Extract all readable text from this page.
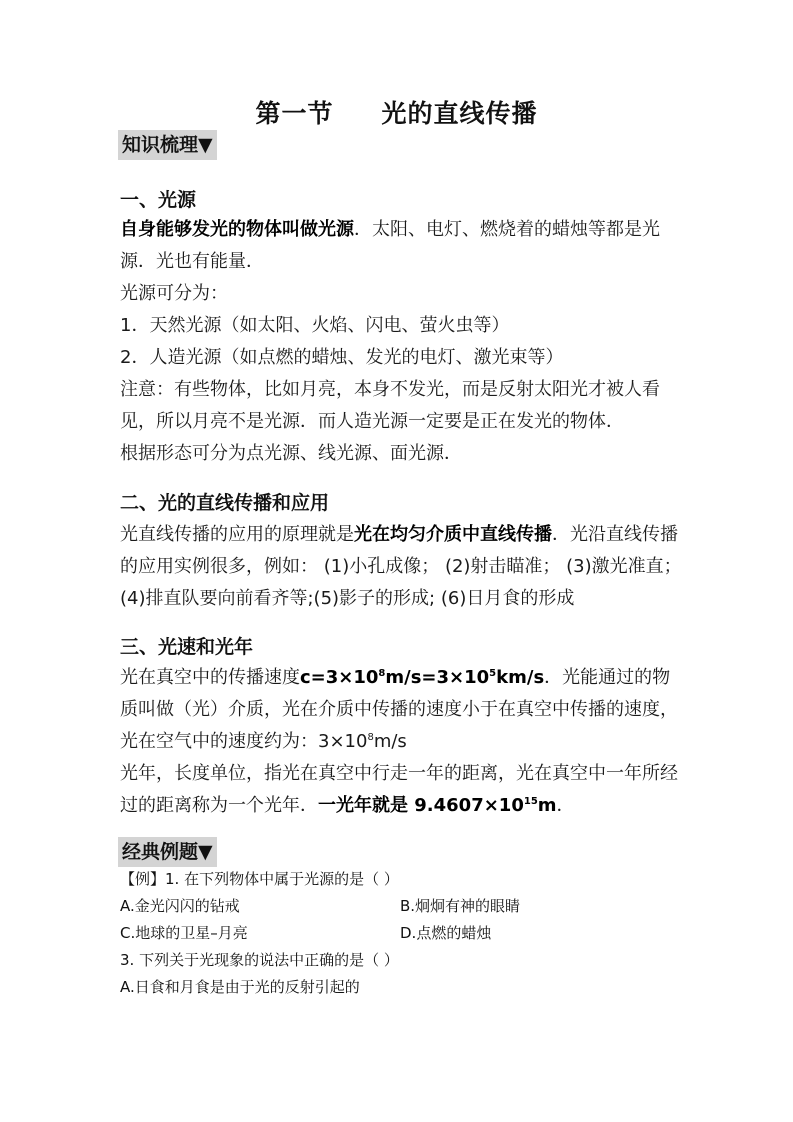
第一节 光的直线传播
知识梳理▼
一、光源

自身能够发光的物体叫做光源．太阳、电灯、燃烧着的蜡烛等都是光源．光也有能量．

光源可分为：

1．天然光源（如太阳、火焰、闪电、萤火虫等）

2．人造光源（如点燃的蜡烛、发光的电灯、激光束等）

注意：有些物体，比如月亮，本身不发光，而是反射太阳光才被人看见，所以月亮不是光源．而人造光源一定要是正在发光的物体．

根据形态可分为点光源、线光源、面光源．

二、光的直线传播和应用

光直线传播的应用的原理就是光在均匀介质中直线传播．光沿直线传播的应用实例很多，例如： (1)小孔成像； (2)射击瞄准； (3)激光准直； (4)排直队要向前看齐等;(5)影子的形成; (6)日月食的形成

三、光速和光年

光在真空中的传播速度$c=3\times 10^8m/s=3\times 10^5km/s$．光能通过的物质叫做（光）介质，光在介质中传播的速度小于在真空中传播的速度，光在空气中的速度约为：$3\times 10^8m/s$

光年，长度单位，指光在真空中行走一年的距离，光在真空中一年所经过的距离称为一个光年．一光年就是 $9.4607\times 10^{15}m$．

经典例题▼

【例】1. 在下列物体中属于光源的是（ ）

A.金光闪闪的钻戒	B.炯炯有神的眼睛
C.地球的卫星–月亮	D.点燃的蜡烛

3. 下列关于光现象的说法中正确的是（ ）

A.日食和月食是由于光的反射引起的
